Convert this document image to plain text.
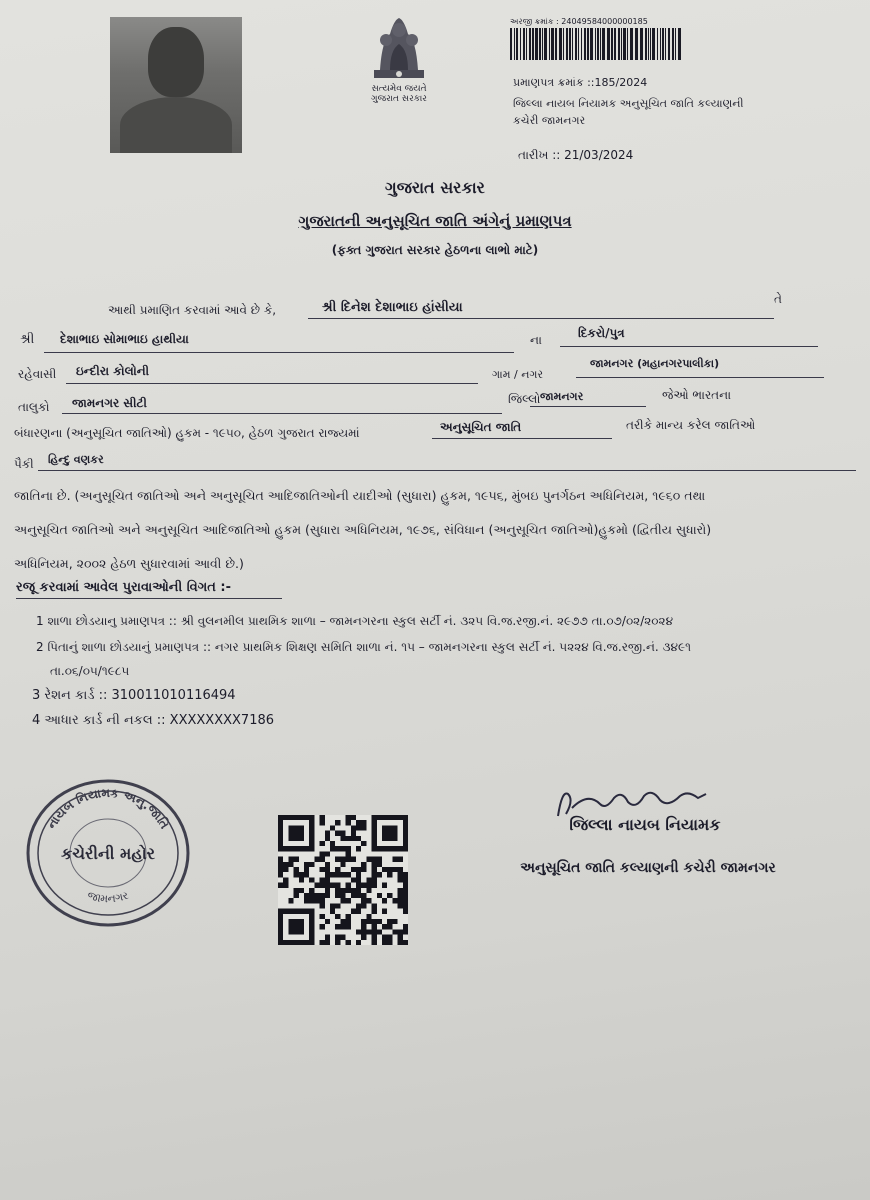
સત્યમેવ જયતે
ગુજરાત સરકાર
અરજી ક્રમાંક : 24049584000000185
પ્રમાણપત્ર ક્રમાંક ::185/2024
જિલ્લા નાયબ નિયામક અનુસૂચિત જાતિ કલ્યાણની
કચેરી જામનગર
તારીખ :: 21/03/2024
ગુજરાત સરકાર
ગુજરાતની અનુસૂચિત જાતિ અંગેનું પ્રમાણપત્ર
(ફક્ત ગુજરાત સરકાર હેઠળના લાભો માટે)
આથી પ્રમાણિત કરવામાં આવે છે કે,	શ્રી દિનેશ દેશાભાઇ હાંસીયા
તે
શ્રી દેશાભાઇ સોમાભાઇ હાથીયા	ના	દિકરો/પુત્ર
રહેવાસી ઇન્દીરા કોલોની	ગામ / નગર
જામનગર (મહાનગરપાલીકા)
તાલુકો જામનગર સીટી	જિલ્લો જામનગર	જેઓ ભારતના
બંધારણના (અનુસૂચિત જાતિઓ) હુકમ - ૧૯૫૦, હેઠળ ગુજરાત રાજ્યમાં	અનુસૂચિત જાતિ	તરીકે માન્ય કરેલ જાતિઓ
પૈકી હિન્દુ વણકર
જાતિના છે. (અનુસૂચિત જાતિઓ અને અનુસૂચિત આદિજાતિઓની યાદીઓ (સુધારા) હુકમ, ૧૯૫૬, મુંબઇ પુનર્ગઠન અધિનિયમ, ૧૯૬૦ તથા
અનુસૂચિત જાતિઓ અને અનુસૂચિત આદિજાતિઓ હુકમ (સુધારા અધિનિયમ, ૧૯૭૬, સંવિધાન (અનુસૂચિત જાતિઓ)હુકમો (દ્વિતીય સુધારો)
અધિનિયમ, ૨૦૦૨ હેઠળ સુધારવામાં આવી છે.)
રજૂ કરવામાં આવેલ પુરાવાઓની વિગત :-
1 શાળા છોડયાનુ પ્રમાણપત્ર :: શ્રી વુલનમીલ પ્રાથમિક શાળા – જામનગરના સ્કુલ સર્ટી નં. ૩૨૫ વિ.જ.રજી.નં. ૨૯૭૭ તા.૦૭/૦૨/૨૦૨૪
2 પિતાનું શાળા છોડયાનું પ્રમાણપત્ર :: નગર પ્રાથમિક શિક્ષણ સમિતિ શાળા નં. ૧૫ – જામનગરના સ્કુલ સર્ટી નં. ૫૨૨૪ વિ.જ.રજી.નં. ૩૪૯૧
તા.૦૬/૦૫/૧૯૮૫
3 રેશન કાર્ડ :: 310011010116494
4 આધાર કાર્ડ ની નકલ :: XXXXXXXX7186
નાયબ નિયામક અનુ.જાતિ
જામનગર
કચેરીની મહોર
જિલ્લા નાયબ નિયામક
અનુસૂચિત જાતિ કલ્યાણની કચેરી જામનગર
